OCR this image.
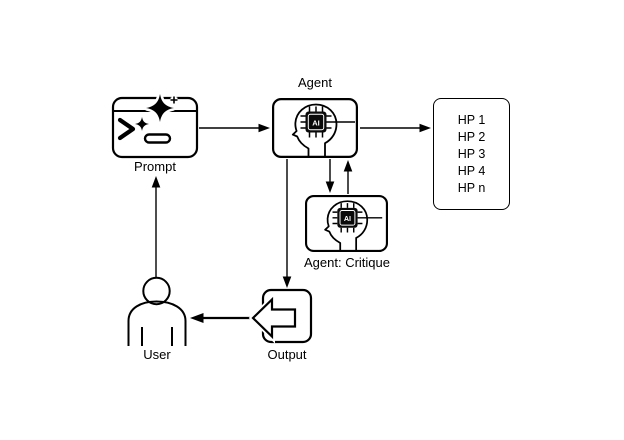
Prompt
AI
Agent
AI
Agent: Critique
HP 1
HP 2
HP 3
HP 4
HP n
User	Output
